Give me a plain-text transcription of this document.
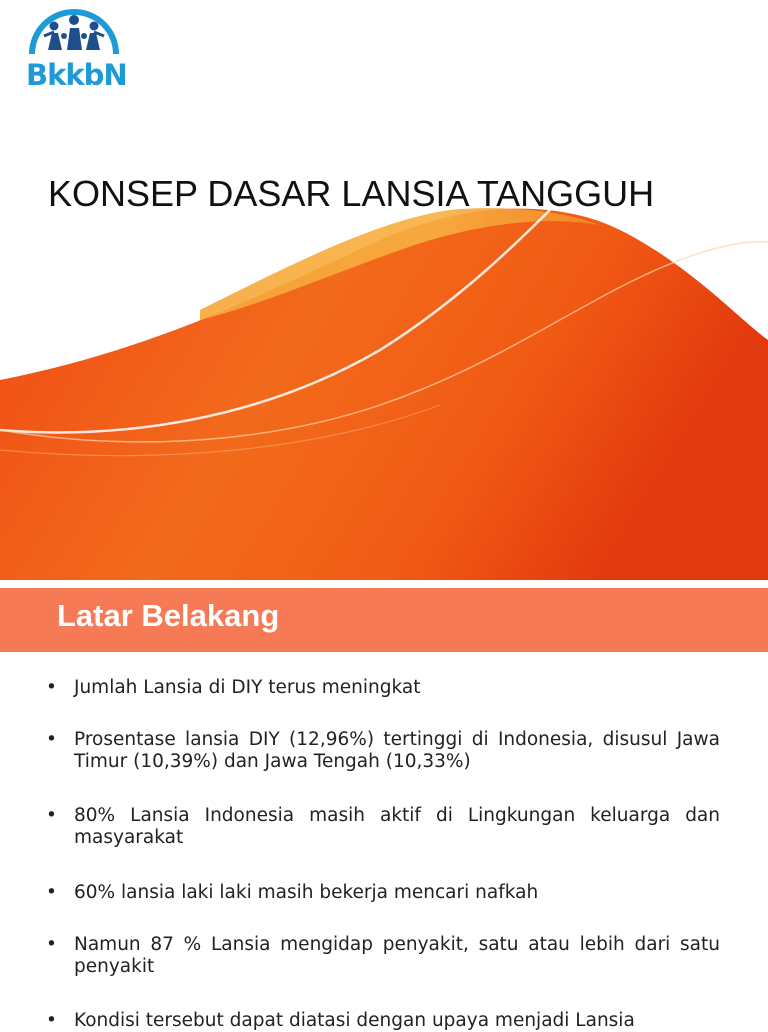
BkkbN
KONSEP DASAR LANSIA TANGGUH
Latar Belakang
• Jumlah Lansia di DIY terus meningkat
• Prosentase lansia DIY (12,96%) tertinggi di Indonesia, disusul Jawa Timur (10,39%) dan Jawa Tengah (10,33%)
• 80% Lansia Indonesia masih aktif di Lingkungan keluarga dan masyarakat
• 60% lansia laki laki masih bekerja mencari nafkah
• Namun 87 % Lansia mengidap penyakit, satu atau lebih dari satu penyakit
• Kondisi tersebut dapat diatasi dengan upaya menjadi Lansia
